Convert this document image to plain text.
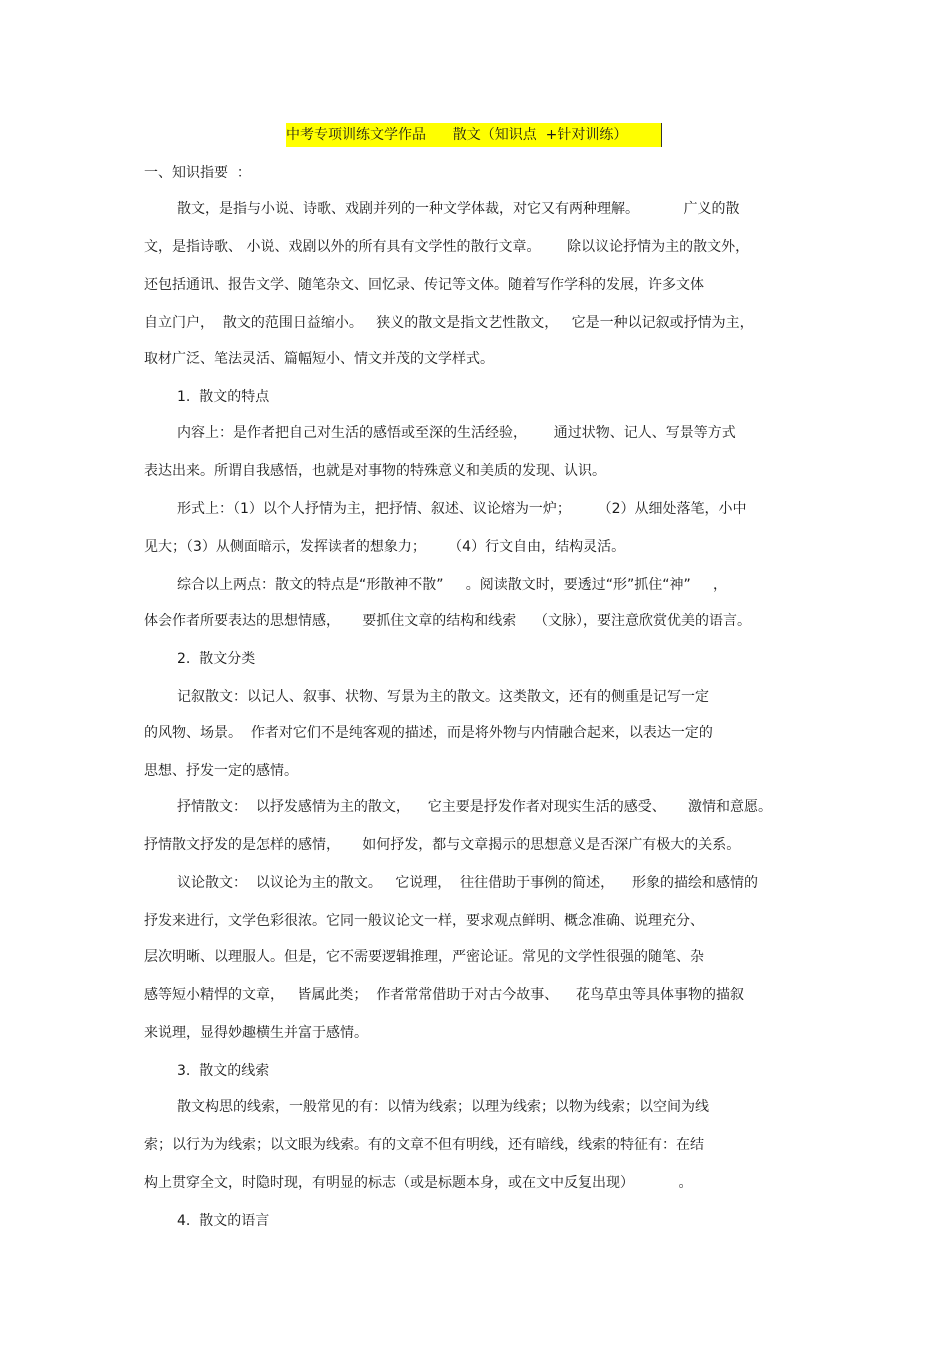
中考专项训练文学作品      散文（知识点  +针对训练）
一、知识指要  ：
散文，是指与小说、诗歌、戏剧并列的一种文学体裁，对它又有两种理解。          广义的散
文，是指诗歌、 小说、戏剧以外的所有具有文学性的散行文章。      除以议论抒情为主的散文外，
还包括通讯、报告文学、随笔杂文、回忆录、传记等文体。随着写作学科的发展，许多文体
自立门户，  散文的范围日益缩小。   狭义的散文是指文艺性散文，   它是一种以记叙或抒情为主，
取材广泛、笔法灵活、篇幅短小、情文并茂的文学样式。
1.  散文的特点
内容上：是作者把自己对生活的感悟或至深的生活经验，      通过状物、记人、写景等方式
表达出来。所谓自我感悟，也就是对事物的特殊意义和美质的发现、认识。
形式上：（1）以个人抒情为主，把抒情、叙述、议论熔为一炉；      （2）从细处落笔，小中
见大；（3）从侧面暗示，发挥读者的想象力；     （4）行文自由，结构灵活。
综合以上两点：散文的特点是“形散神不散”     。阅读散文时，要透过“形”抓住“神”     ，
体会作者所要表达的思想情感，     要抓住文章的结构和线索    （文脉），要注意欣赏优美的语言。
2.  散文分类
记叙散文：以记人、叙事、状物、写景为主的散文。这类散文，还有的侧重是记写一定
的风物、场景。  作者对它们不是纯客观的描述，而是将外物与内情融合起来，以表达一定的
思想、抒发一定的感情。
抒情散文：  以抒发感情为主的散文，    它主要是抒发作者对现实生活的感受、     激情和意愿。
抒情散文抒发的是怎样的感情，     如何抒发，都与文章揭示的思想意义是否深广有极大的关系。
议论散文：  以议论为主的散文。   它说理，  往往借助于事例的简述，    形象的描绘和感情的
抒发来进行，文学色彩很浓。它同一般议论文一样，要求观点鲜明、概念准确、说理充分、
层次明晰、以理服人。但是，它不需要逻辑推理，严密论证。常见的文学性很强的随笔、杂
感等短小精悍的文章，   皆属此类；  作者常常借助于对古今故事、    花鸟草虫等具体事物的描叙
来说理，显得妙趣横生并富于感情。
3.  散文的线索
散文构思的线索，一般常见的有：以情为线索；以理为线索；以物为线索；以空间为线
索；以行为为线索；以文眼为线索。有的文章不但有明线，还有暗线，线索的特征有：在结
构上贯穿全文，时隐时现，有明显的标志（或是标题本身，或在文中反复出现）          。
4.  散文的语言
